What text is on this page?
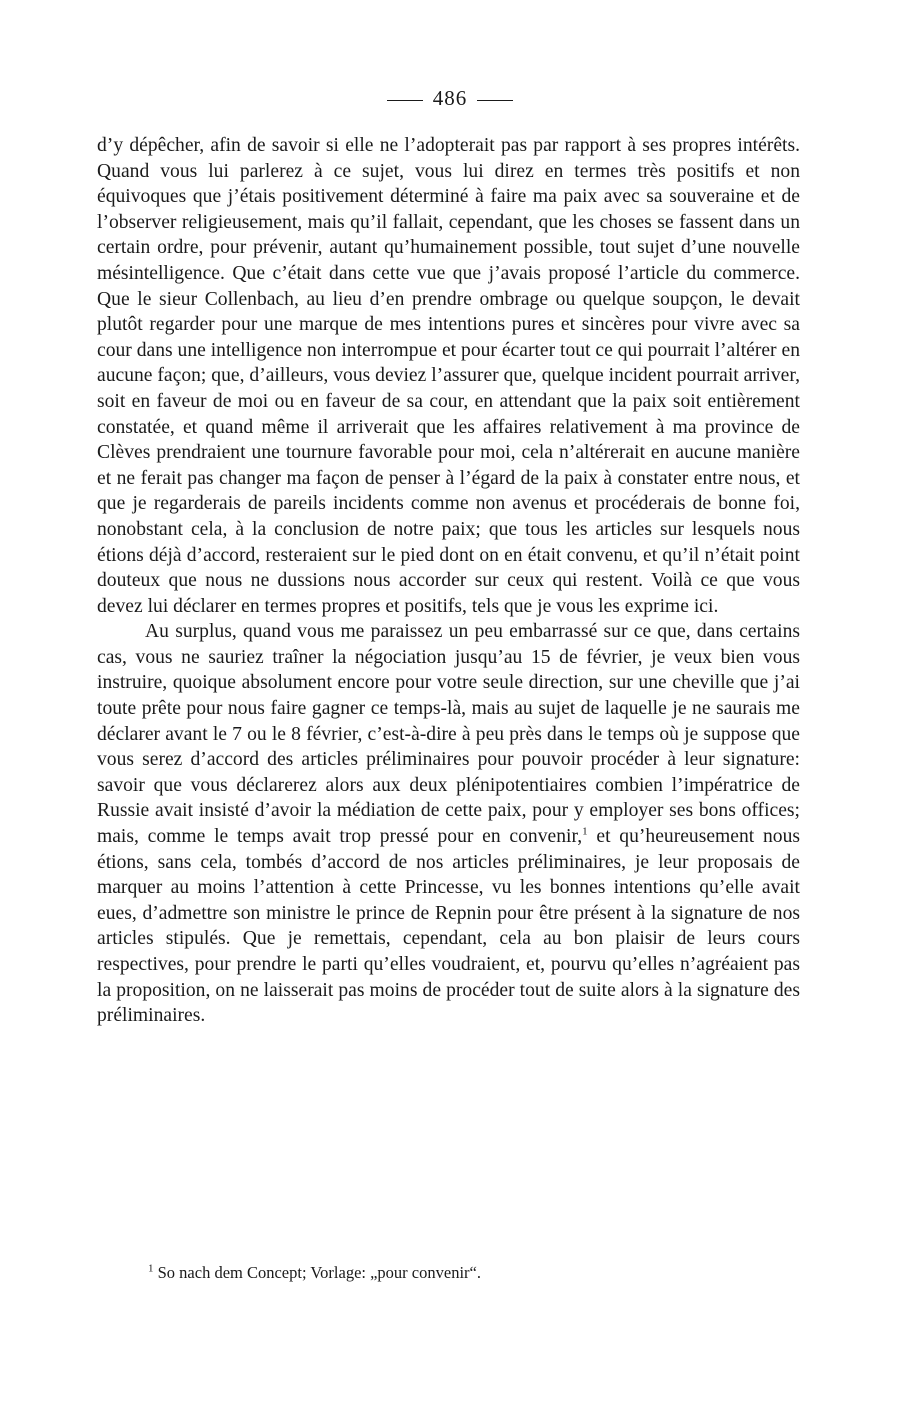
486

d’y dépêcher, afin de savoir si elle ne l’adopterait pas par rapport à ses propres intérêts. Quand vous lui parlerez à ce sujet, vous lui direz en termes très positifs et non équivoques que j’étais positivement déterminé à faire ma paix avec sa souveraine et de l’observer religieusement, mais qu’il fallait, cependant, que les choses se fassent dans un certain ordre, pour prévenir, autant qu’humainement possible, tout sujet d’une nouvelle mésintelligence. Que c’était dans cette vue que j’avais proposé l’article du commerce. Que le sieur Collenbach, au lieu d’en prendre ombrage ou quelque soupçon, le devait plutôt regarder pour une marque de mes intentions pures et sincères pour vivre avec sa cour dans une intelligence non interrompue et pour écarter tout ce qui pourrait l’altérer en aucune façon; que, d’ailleurs, vous deviez l’assurer que, quelque incident pourrait arriver, soit en faveur de moi ou en faveur de sa cour, en attendant que la paix soit entièrement constatée, et quand même il arriverait que les affaires relativement à ma province de Clèves prendraient une tournure favorable pour moi, cela n’altérerait en aucune manière et ne ferait pas changer ma façon de penser à l’égard de la paix à constater entre nous, et que je regarderais de pareils incidents comme non avenus et procéderais de bonne foi, nonobstant cela, à la conclusion de notre paix; que tous les articles sur lesquels nous étions déjà d’accord, resteraient sur le pied dont on en était convenu, et qu’il n’était point douteux que nous ne dussions nous accorder sur ceux qui restent. Voilà ce que vous devez lui déclarer en termes propres et positifs, tels que je vous les exprime ici.

Au surplus, quand vous me paraissez un peu embarrassé sur ce que, dans certains cas, vous ne sauriez traîner la négociation jusqu’au 15 de février, je veux bien vous instruire, quoique absolument encore pour votre seule direction, sur une cheville que j’ai toute prête pour nous faire gagner ce temps-là, mais au sujet de laquelle je ne saurais me déclarer avant le 7 ou le 8 février, c’est-à-dire à peu près dans le temps où je suppose que vous serez d’accord des articles préliminaires pour pouvoir procéder à leur signature: savoir que vous déclarerez alors aux deux plénipotentiaires combien l’impératrice de Russie avait insisté d’avoir la médiation de cette paix, pour y employer ses bons offices; mais, comme le temps avait trop pressé pour en convenir,$^1$ et qu’heureusement nous étions, sans cela, tombés d’accord de nos articles préliminaires, je leur proposais de marquer au moins l’attention à cette Princesse, vu les bonnes intentions qu’elle avait eues, d’admettre son ministre le prince de Repnin pour être présent à la signature de nos articles stipulés. Que je remettais, cependant, cela au bon plaisir de leurs cours respectives, pour prendre le parti qu’elles voudraient, et, pourvu qu’elles n’agréaient pas la proposition, on ne laisserait pas moins de procéder tout de suite alors à la signature des préliminaires.

$^1$ So nach dem Concept; Vorlage: „pour convenir“.
